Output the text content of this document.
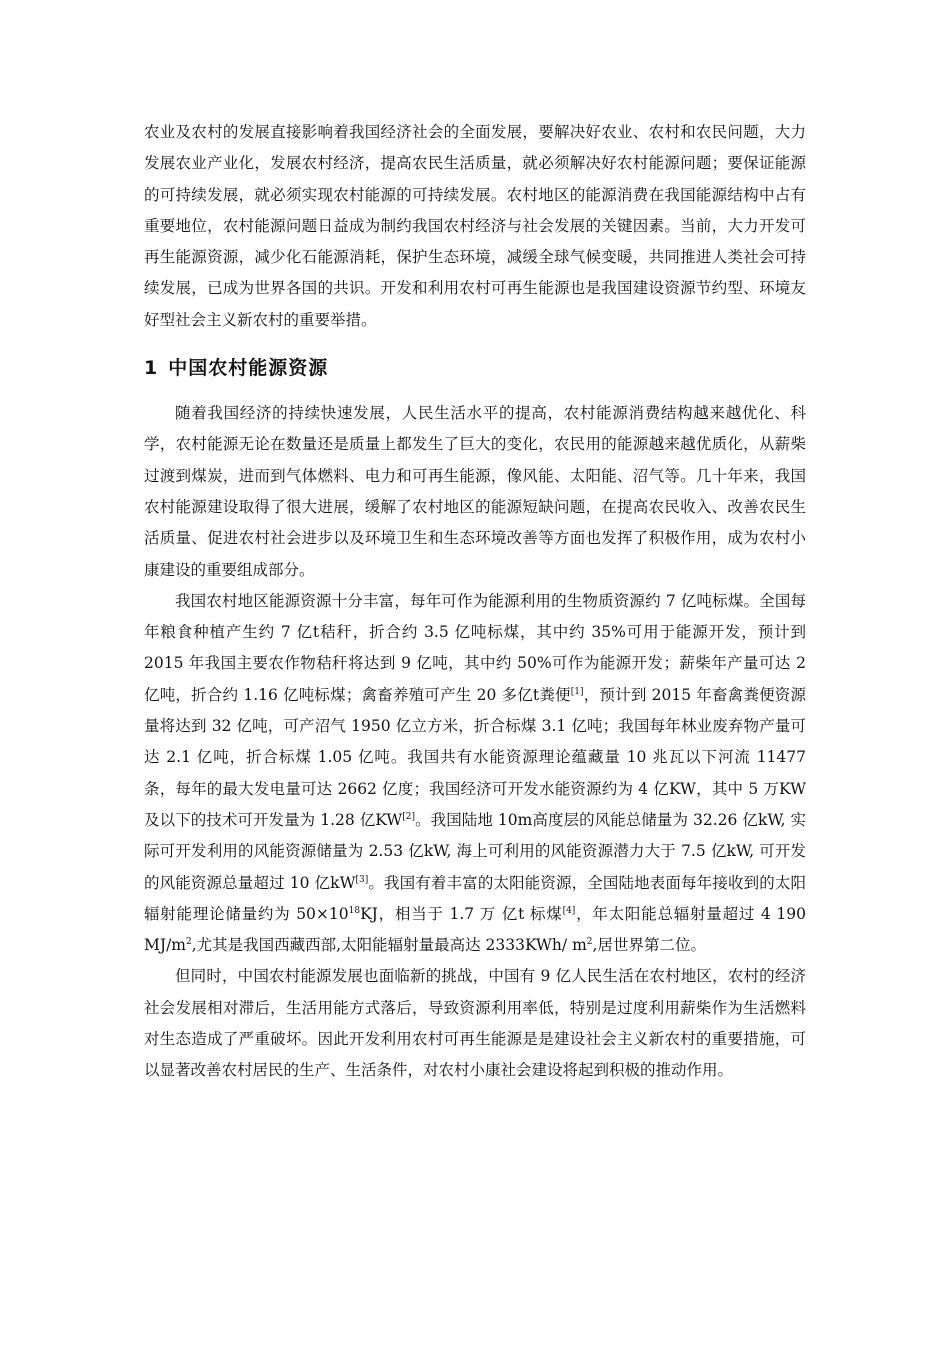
农业及农村的发展直接影响着我国经济社会的全面发展，要解决好农业、农村和农民问题，大力发展农业产业化，发展农村经济，提高农民生活质量，就必须解决好农村能源问题；要保证能源的可持续发展，就必须实现农村能源的可持续发展。农村地区的能源消费在我国能源结构中占有重要地位，农村能源问题日益成为制约我国农村经济与社会发展的关键因素。当前，大力开发可再生能源资源，减少化石能源消耗，保护生态环境，减缓全球气候变暖，共同推进人类社会可持续发展，已成为世界各国的共识。开发和利用农村可再生能源也是我国建设资源节约型、环境友好型社会主义新农村的重要举措。

1 中国农村能源资源

随着我国经济的持续快速发展，人民生活水平的提高，农村能源消费结构越来越优化、科学，农村能源无论在数量还是质量上都发生了巨大的变化，农民用的能源越来越优质化，从薪柴过渡到煤炭，进而到气体燃料、电力和可再生能源，像风能、太阳能、沼气等。几十年来，我国农村能源建设取得了很大进展，缓解了农村地区的能源短缺问题，在提高农民收入、改善农民生活质量、促进农村社会进步以及环境卫生和生态环境改善等方面也发挥了积极作用，成为农村小康建设的重要组成部分。

我国农村地区能源资源十分丰富，每年可作为能源利用的生物质资源约 7 亿吨标煤。全国每年粮食种植产生约 7 亿t秸秆，折合约 3.5 亿吨标煤，其中约 35%可用于能源开发，预计到 2015 年我国主要农作物秸秆将达到 9 亿吨，其中约 50%可作为能源开发；薪柴年产量可达 2 亿吨，折合约 1.16 亿吨标煤；禽畜养殖可产生 20 多亿t粪便[1]，预计到 2015 年畜禽粪便资源量将达到 32 亿吨，可产沼气 1950 亿立方米，折合标煤 3.1 亿吨；我国每年林业废弃物产量可达 2.1 亿吨，折合标煤 1.05 亿吨。我国共有水能资源理论蕴藏量 10 兆瓦以下河流 11477 条，每年的最大发电量可达 2662 亿度；我国经济可开发水能资源约为 4 亿KW，其中 5 万KW及以下的技术可开发量为 1.28 亿KW[2]。我国陆地 10m高度层的风能总储量为 32.26 亿kW, 实际可开发利用的风能资源储量为 2.53 亿kW, 海上可利用的风能资源潜力大于 7.5 亿kW, 可开发的风能资源总量超过 10 亿kW[3]。我国有着丰富的太阳能资源，全国陆地表面每年接收到的太阳辐射能理论储量约为 $50\times 10^{18}KJ$，相当于 1.7 万 亿t 标煤[4]，年太阳能总辐射量超过 4 190 $MJ/m^2$,尤其是我国西藏西部,太阳能辐射量最高达 2333KWh/ $m^2$,居世界第二位。

但同时，中国农村能源发展也面临新的挑战，中国有 9 亿人民生活在农村地区，农村的经济社会发展相对滞后，生活用能方式落后，导致资源利用率低，特别是过度利用薪柴作为生活燃料对生态造成了严重破坏。因此开发利用农村可再生能源是是建设社会主义新农村的重要措施，可以显著改善农村居民的生产、生活条件，对农村小康社会建设将起到积极的推动作用。
